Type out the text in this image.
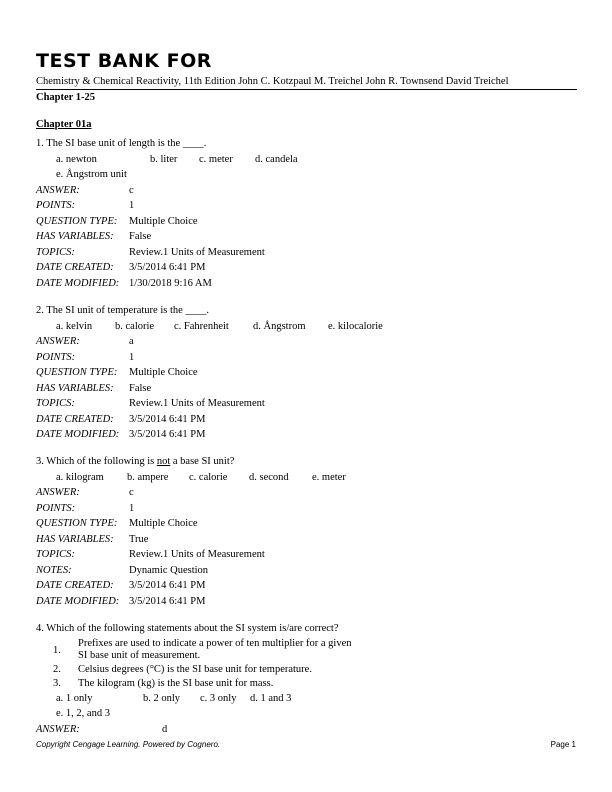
TEST BANK FOR
Chemistry & Chemical Reactivity, 11th Edition John C. Kotzpaul M. Treichel John R. Townsend David Treichel
Chapter 1-25
Chapter 01a
1. The SI base unit of length is the ____.
a. newton	b. liter c. meter d. candela
e. Ångstrom unit
ANSWER:	c
POINTS:	1
QUESTION TYPE: Multiple Choice
HAS VARIABLES: False
TOPICS:	Review.1 Units of Measurement
DATE CREATED: 3/5/2014 6:41 PM
DATE MODIFIED: 1/30/2018 9:16 AM
2. The SI unit of temperature is the ____.
a. kelvin b. calorie c. Fahrenheit d. Ångstrom e. kilocalorie
ANSWER:	a
POINTS:	1
QUESTION TYPE: Multiple Choice
HAS VARIABLES: False
TOPICS:	Review.1 Units of Measurement
DATE CREATED: 3/5/2014 6:41 PM
DATE MODIFIED: 3/5/2014 6:41 PM
3. Which of the following is not a base SI unit?
a. kilogram b. ampere c. calorie d. second e. meter
ANSWER:	c
POINTS:	1
QUESTION TYPE: Multiple Choice
HAS VARIABLES: True
TOPICS:	Review.1 Units of Measurement
NOTES:	Dynamic Question
DATE CREATED: 3/5/2014 6:41 PM
DATE MODIFIED: 3/5/2014 6:41 PM
4. Which of the following statements about the SI system is/are correct?
1.
Prefixes are used to indicate a power of ten multiplier for a given SI base unit of measurement.
2. Celsius degrees (°C) is the SI base unit for temperature.
3. The kilogram (kg) is the SI base unit for mass.
a. 1 only	b. 2 only c. 3 only d. 1 and 3
e. 1, 2, and 3
ANSWER:	d
Copyright Cengage Learning. Powered by Cognero.	Page 1
